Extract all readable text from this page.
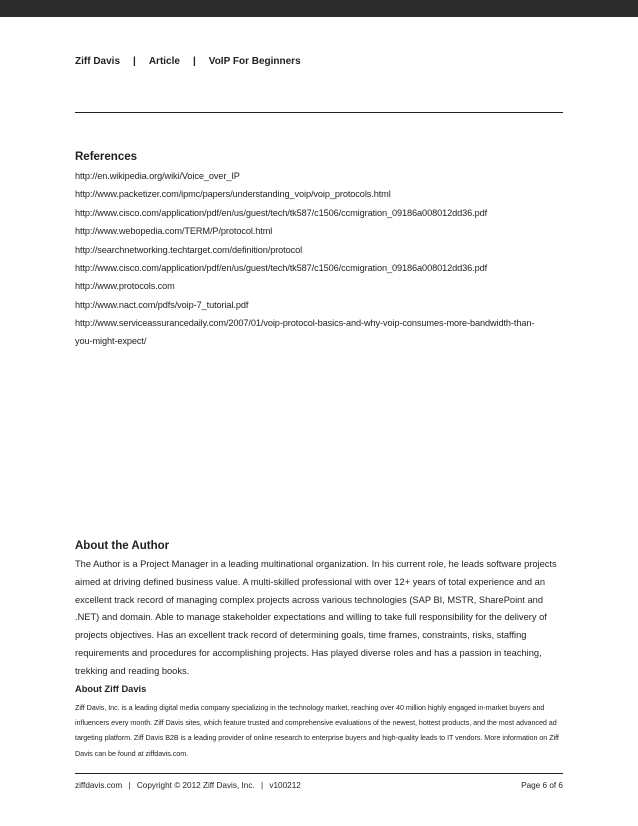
Ziff Davis | Article | VoIP For Beginners
References
http://en.wikipedia.org/wiki/Voice_over_IP
http://www.packetizer.com/ipmc/papers/understanding_voip/voip_protocols.html
http://www.cisco.com/application/pdf/en/us/guest/tech/tk587/c1506/ccmigration_09186a008012dd36.pdf
http://www.webopedia.com/TERM/P/protocol.html
http://searchnetworking.techtarget.com/definition/protocol
http://www.cisco.com/application/pdf/en/us/guest/tech/tk587/c1506/ccmigration_09186a008012dd36.pdf
http://www.protocols.com
http://www.nact.com/pdfs/voip-7_tutorial.pdf
http://www.serviceassurancedaily.com/2007/01/voip-protocol-basics-and-why-voip-consumes-more-bandwidth-than-you-might-expect/
About the Author

The Author is a Project Manager in a leading multinational organization. In his current role, he leads software projects aimed at driving defined business value. A multi-skilled professional with over 12+ years of total experience and an excellent track record of managing complex projects across various technologies (SAP BI, MSTR, SharePoint and .NET) and domain. Able to manage stakeholder expectations and willing to take full responsibility for the delivery of projects objectives. Has an excellent track record of determining goals, time frames, constraints, risks, staffing requirements and procedures for accomplishing projects. Has played diverse roles and has a passion in teaching, trekking and reading books.

About Ziff Davis

Ziff Davis, Inc. is a leading digital media company specializing in the technology market, reaching over 40 million highly engaged in-market buyers and influencers every month. Ziff Davis sites, which feature trusted and comprehensive evaluations of the newest, hottest products, and the most advanced ad targeting platform. Ziff Davis B2B is a leading provider of online research to enterprise buyers and high-quality leads to IT vendors. More information on Ziff Davis can be found at ziffdavis.com.

ziffdavis.com | Copyright © 2012 Ziff Davis, Inc. | v100212	Page 6 of 6
